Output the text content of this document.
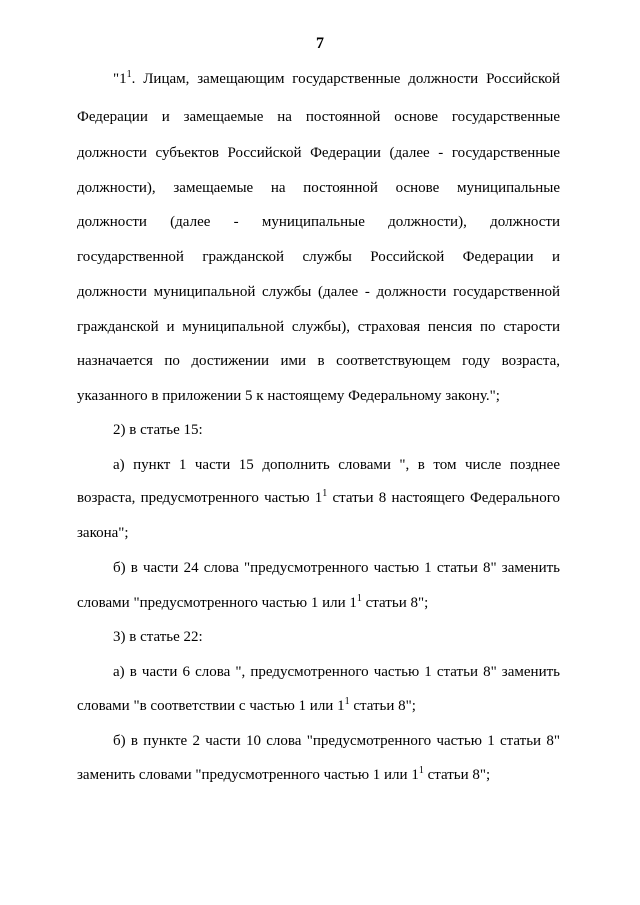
7
"$1^1$. Лицам, замещающим государственные должности Российской
Федерации и замещаемые на постоянной основе государственные
должности субъектов Российской Федерации (далее - государственные
должности), замещаемые на постоянной основе муниципальные
должности (далее - муниципальные должности), должности
государственной гражданской службы Российской Федерации и
должности муниципальной службы (далее - должности государственной
гражданской и муниципальной службы), страховая пенсия по старости
назначается по достижении ими в соответствующем году возраста,
указанного в приложении 5 к настоящему Федеральному закону.";
2) в статье 15:
а) пункт 1 части 15 дополнить словами ", в том числе позднее
возраста, предусмотренного частью $1^1$ статьи 8 настоящего Федерального
закона";
б) в части 24 слова "предусмотренного частью 1 статьи 8" заменить
словами "предусмотренного частью 1 или $1^1$ статьи 8";
3) в статье 22:
а) в части 6 слова ", предусмотренного частью 1 статьи 8" заменить
словами "в соответствии с частью 1 или $1^1$ статьи 8";
б) в пункте 2 части 10 слова "предусмотренного частью 1 статьи 8"
заменить словами "предусмотренного частью 1 или $1^1$ статьи 8";
